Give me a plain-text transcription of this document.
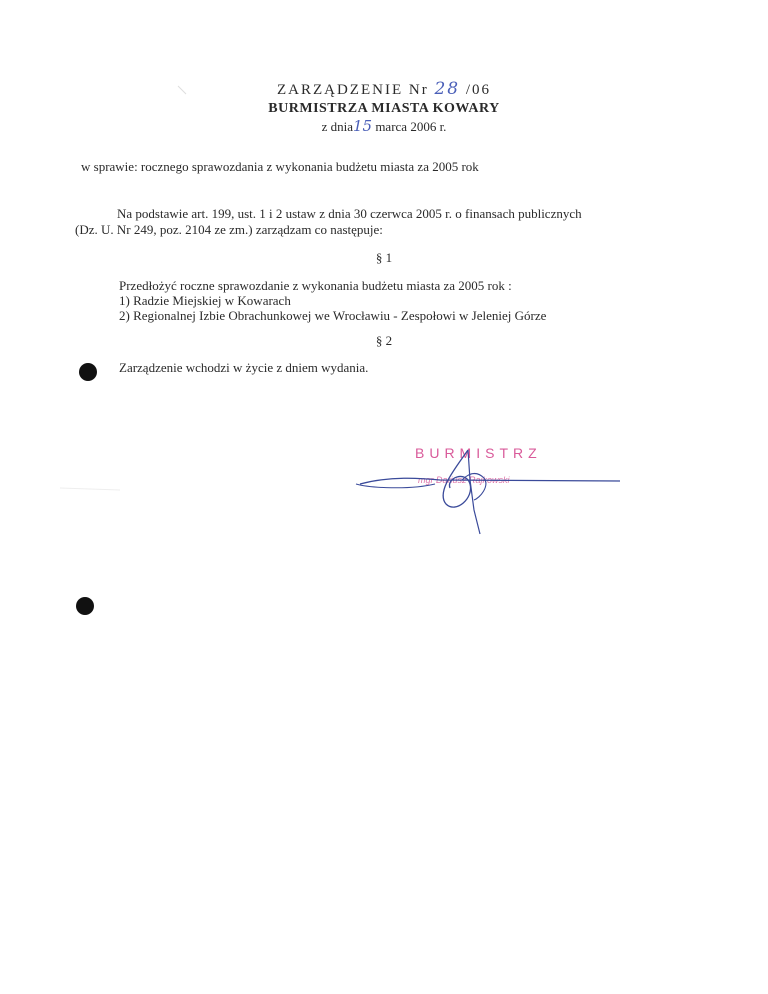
ZARZĄDZENIE Nr 28 /06
BURMISTRZA MIASTA KOWARY
z dnia15 marca 2006 r.
w sprawie: rocznego sprawozdania z wykonania budżetu miasta za 2005 rok
Na podstawie art. 199, ust. 1 i 2 ustaw z dnia 30 czerwca 2005 r. o finansach publicznych
(Dz. U. Nr 249, poz. 2104 ze zm.) zarządzam co następuje:
§ 1
Przedłożyć roczne sprawozdanie z wykonania budżetu miasta za 2005 rok :
1) Radzie Miejskiej w Kowarach
2) Regionalnej Izbie Obrachunkowej we Wrocławiu - Zespołowi w Jeleniej Górze
§ 2
Zarządzenie wchodzi w życie z dniem wydania.
BURMISTRZ
mgr Dariusz Rajkowski
